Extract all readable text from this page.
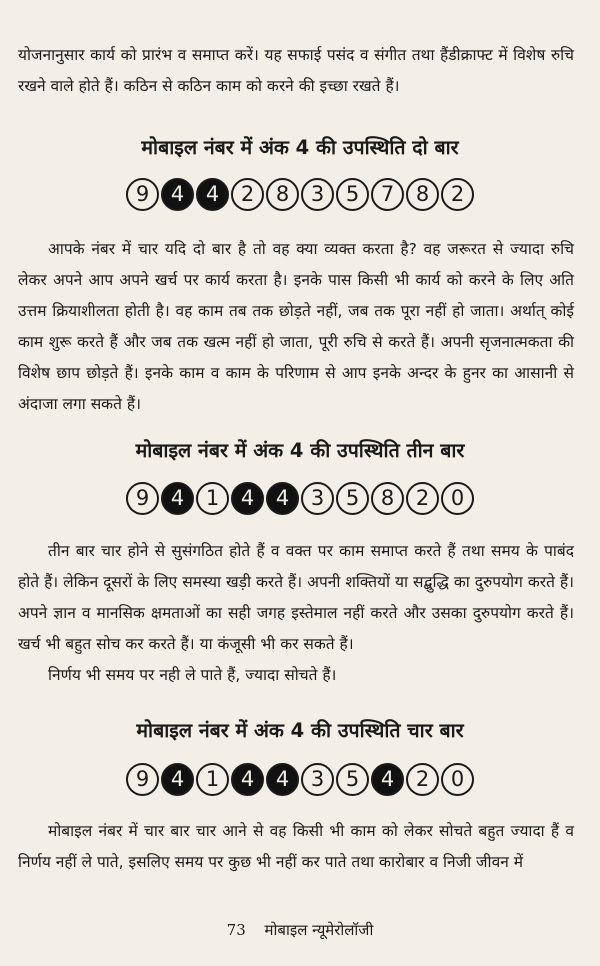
योजनानुसार कार्य को प्रारंभ व समाप्त करें। यह सफाई पसंद व संगीत तथा हैंडीक्राफ्ट में विशेष रुचि रखने वाले होते हैं। कठिन से कठिन काम को करने की इच्छा रखते हैं।

मोबाइल नंबर में अंक 4 की उपस्थिति दो बार
9	4	4	2	8	3	5	7	8	2

आपके नंबर में चार यदि दो बार है तो वह क्या व्यक्त करता है? वह जरूरत से ज्यादा रुचि लेकर अपने आप अपने खर्च पर कार्य करता है। इनके पास किसी भी कार्य को करने के लिए अति उत्तम क्रियाशीलता होती है। वह काम तब तक छोड़ते नहीं, जब तक पूरा नहीं हो जाता। अर्थात् कोई काम शुरू करते हैं और जब तक खत्म नहीं हो जाता, पूरी रुचि से करते हैं। अपनी सृजनात्मकता की विशेष छाप छोड़ते हैं। इनके काम व काम के परिणाम से आप इनके अन्दर के हुनर का आसानी से अंदाजा लगा सकते हैं।

मोबाइल नंबर में अंक 4 की उपस्थिति तीन बार
9	4	1	4	4	3	5	8	2	0

तीन बार चार होने से सुसंगठित होते हैं व वक्त पर काम समाप्त करते हैं तथा समय के पाबंद होते हैं। लेकिन दूसरों के लिए समस्या खड़ी करते हैं। अपनी शक्तियों या सद्बुद्धि का दुरुपयोग करते हैं। अपने ज्ञान व मानसिक क्षमताओं का सही जगह इस्तेमाल नहीं करते और उसका दुरुपयोग करते हैं। खर्च भी बहुत सोच कर करते हैं। या कंजूसी भी कर सकते हैं।

निर्णय भी समय पर नही ले पाते हैं, ज्यादा सोचते हैं।

मोबाइल नंबर में अंक 4 की उपस्थिति चार बार
9	4	1	4	4	3	5	4	2	0

मोबाइल नंबर में चार बार चार आने से वह किसी भी काम को लेकर सोचते बहुत ज्यादा हैं व निर्णय नहीं ले पाते, इसलिए समय पर कुछ भी नहीं कर पाते तथा कारोबार व निजी जीवन में

73 मोबाइल न्यूमेरोलॉजी
